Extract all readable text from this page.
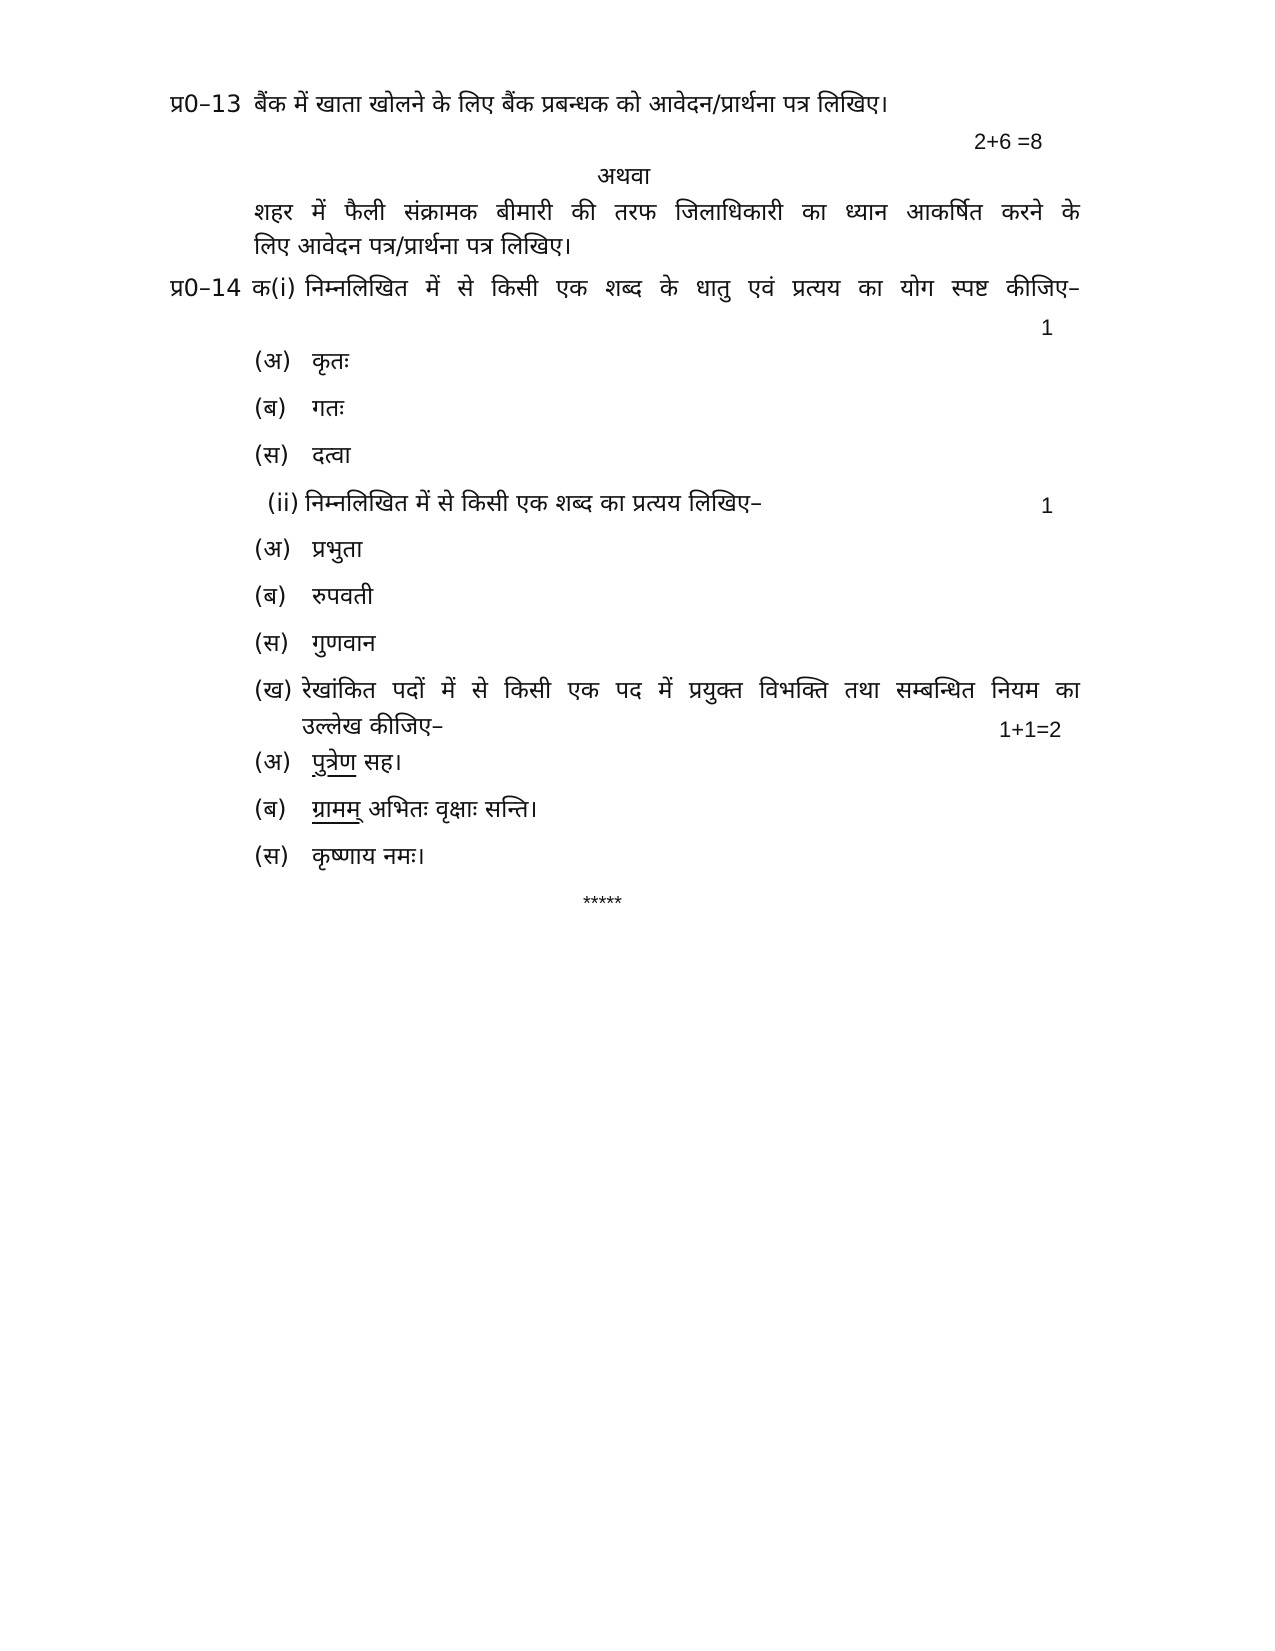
प्र0–13 बैंक में खाता खोलने के लिए बैंक प्रबन्धक को आवेदन/प्रार्थना पत्र लिखिए।
2+6 =8
अथवा
शहर में फैली संक्रामक बीमारी की तरफ जिलाधिकारी का ध्यान आकर्षित करने के
लिए आवेदन पत्र/प्रार्थना पत्र लिखिए।
प्र0–14 क(i) निम्नलिखित में से किसी एक शब्द के धातु एवं प्रत्यय का योग स्पष्ट कीजिए–
1
(अ) कृतः
(ब) गतः
(स) दत्वा
(ii) निम्नलिखित में से किसी एक शब्द का प्रत्यय लिखिए–	1
(अ) प्रभुता
(ब) रुपवती
(स) गुणवान
(ख) रेखांकित पदों में से किसी एक पद में प्रयुक्त विभक्ति तथा सम्बन्धित नियम का
उल्लेख कीजिए–	1+1=2
(अ) पुत्रेण सह।
(ब) ग्रामम् अभितः वृक्षाः सन्ति।
(स) कृष्णाय नमः।
*****
